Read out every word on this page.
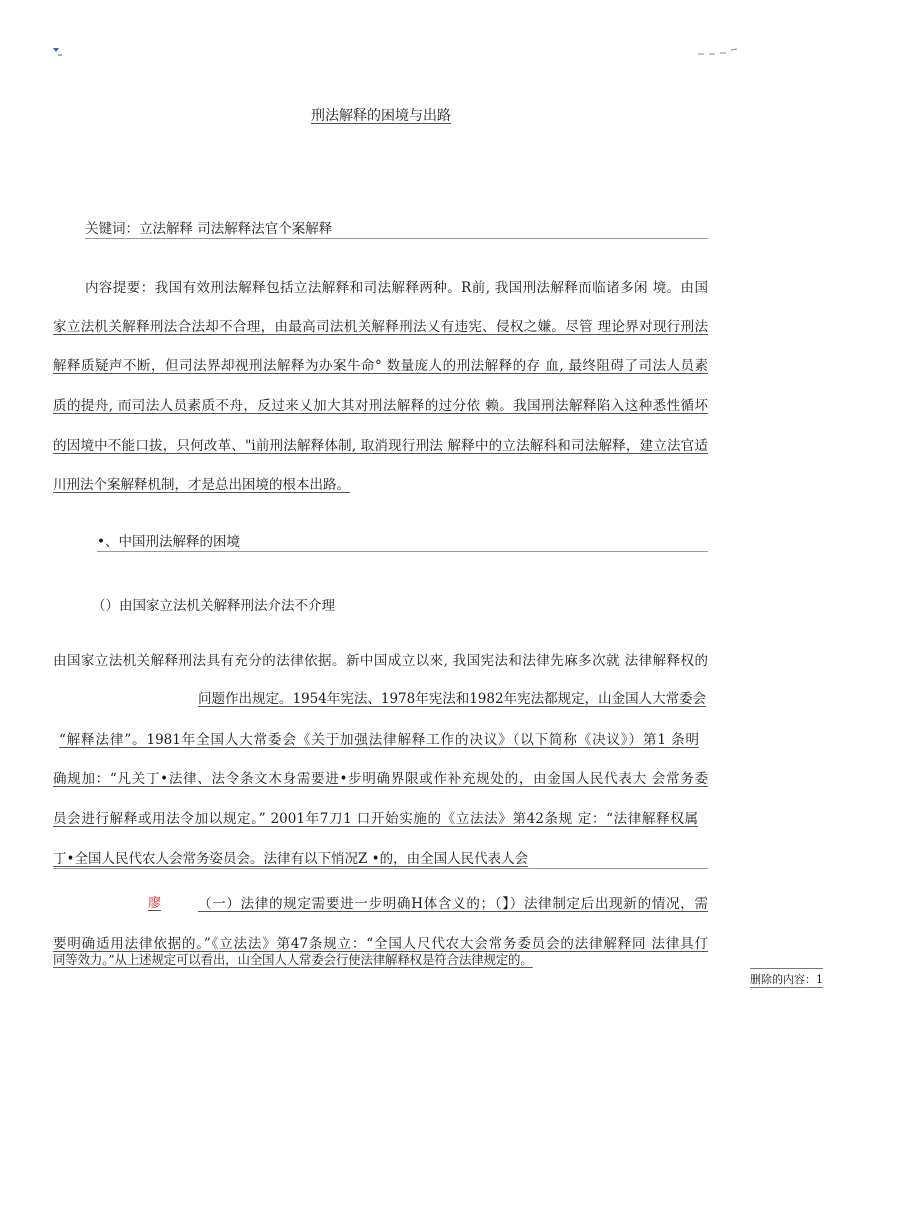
刑法解释的困境与出路
关键词：立法解释 司法解释法官个案解释
内容提要：我国有效刑法解释包括立法解释和司法解释两种。R前, 我国刑法解释而临诸多闲 境。由国
家立法机关解释刑法合法却不合理，由最高司法机关解释刑法乂有违宪、侵权之嫌。尽管 理论界对现行刑法
解释质疑声不断，但司法界却视刑法解释为办案牛命° 数量庞人的刑法解释的存 血, 最终阻碍了司法人员素
质的提舟, 而司法人员素质不舟，反过来乂加大其对刑法解释的过分依 赖。我国刑法解释陷入这种悉性循坏
的因境中不能口拔，只何改革、"i前刑法解释体制, 取消现行刑法 解释中的立法解科和司法解释，建立法官适
川刑法个案解释机制，才是总出困境的根本出路。
•、中国刑法解释的困境
（）由国家立法机关解释刑法介法不介理
由国家立法机关解释刑法具有充分的法律依据。新中国成立以來, 我国宪法和法律先麻多次就 法律解释权的
问题作出规定。1954年宪法、1978年宪法和1982年宪法都规定，山金国人大常委会
“解释法律”。1981年全国人大常委会《关于加强法律解释工作的决议》（以下简称《决议》）第1 条明
确规加：“凡关丁•法律、法令条文木身需要进•步明确界限或作补充规处的，由金国人民代表大 会常务委
员会进行解释或用法令加以规定。” 2001年7刀1 口开始实施的《立法法》第42条规 定：“法律解释权属
丁•全国人民代农人会常务姿员会。法律有以下悄况Z •的，由全国人民代表人会
廖	（一）法律的规定需要进一步明确H体含义的；（】）法律制定后出现新的情况，需
要明确适用法律依据的。”《立法法》第47条规立：“全国人尺代农大会常务委员会的法律解释同 法律具仃
同等效力。”从上述规定可以看出，山全国人人常委会行使法律解释权是符合法律规定的。
删除的内容：1
